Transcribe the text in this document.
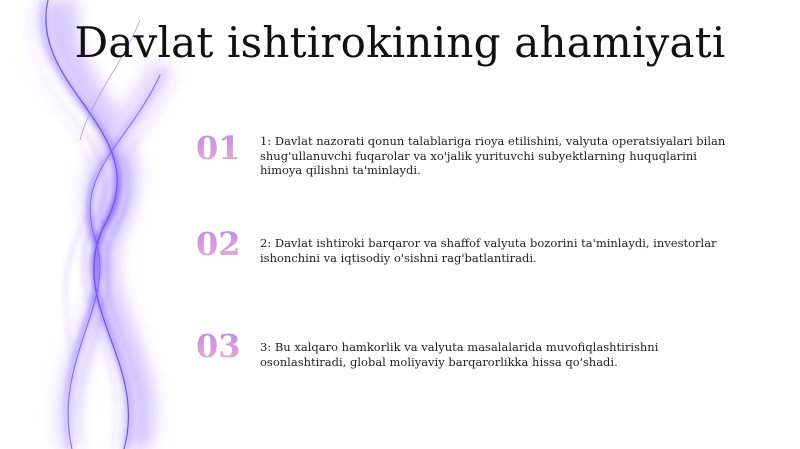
Davlat ishtirokining ahamiyati
01	1: Davlat nazorati qonun talablariga rioya etilishini, valyuta operatsiyalari bilan shug'ullanuvchi fuqarolar va xo'jalik yurituvchi subyektlarning huquqlarini himoya qilishni ta'minlaydi.
02	2: Davlat ishtiroki barqaror va shaffof valyuta bozorini ta'minlaydi, investorlar ishonchini va iqtisodiy o'sishni rag'batlantiradi.
03	3: Bu xalqaro hamkorlik va valyuta masalalarida muvofiqlashtirishni osonlashtiradi, global moliyaviy barqarorlikka hissa qo'shadi.
